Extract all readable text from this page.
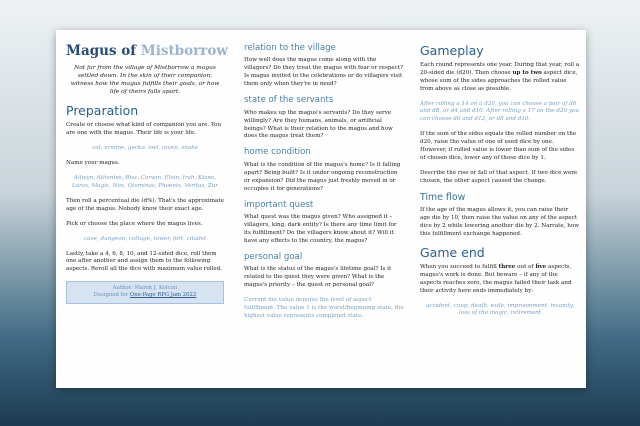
Magus of Mistborrow

Not far from the village of Mistborrow a magus settled down. In the skin of their companion, witness how the magus fulfills their goals, or how life of theirs falls apart.

Preparation

Create or choose what kind of companion you are. You are one with the magus. Their life is your life.

cat, ermine, gecko, owl, raven, snake

Name your magus.

Ailwyn, Athentes, Bisz, Corwin, Elvin, Irah, Kiano, Loras, Magic, Nox, Otominas, Phoenix, Veritas, Zur

Then roll a percentual die (d%). That's the approximate age of the magus. Nobody know their exact age.

Pick or choose the place where the magus lives.

cave, dungeon, cottage, tower, fort, citadel

Lastly, take a 4, 6, 8, 10, and 12-sided dice, roll them one after another and assign them to the following aspects. Reroll all the dice with maximum value rolled.

Author: Marek J. Kolcun
Designed for One-Page RPG Jam 2022
relation to the village

How well does the magus come along with the villagers? Do they treat the magus with fear or respect? Is magus invited to the celebrations or do villagers visit them only when they're in need?

state of the servants

Who makes up the magus's servants? Do they serve willingly? Are they humans, animals, or artificial beings? What is their relation to the magus and how does the magus treat them?

home condition

What is the condition of the magus's home? Is it falling apart? Being built? Is it under ongoing reconstruction or expansion? Did the magus just freshly moved in or occupies it for generations?

important quest

What quest was the magus given? Who assigned it – villagers, king, dark entity? Is there any time limit for its fulfillment? Do the villagers know about it? Will it have any effects to the country, the magus?

personal goal

What is the status of the magus's lifetime goal? Is it related to the quest they were given? What is the magus's priority – the quest or personal goal?

Current die value denotes the level of aspect fulfillment. The value 1 is the worst/beginning state, the highest value represents completed state.

Gameplay

Each round represents one year. During that year, roll a 20-sided die (d20). Then choose up to two aspect dice, whose sum of the sides approaches the rolled value from above as close as possible.

After rolling a 14 on a d20, you can choose a pair of d6 and d8, or d4 and d10. After rolling a 17 on the d20 you can choose d6 and d12, or d8 and d10.

If the sum of the sides equals the rolled number on the d20, raise the value of one of used dice by one. However, if rolled value is lower than sum of the sides of chosen dice, lower any of those dice by 1.

Describe the rise or fall of that aspect. If two dice were chosen, the other aspect caused the change.

Time flow

If the age of the magus allows it, you can raise their age die by 10, then raise the value on any of the aspect dice by 2 while lowering another die by 2. Narrate, how this fulfillment exchange happened.

Game end

When you succeed to fulfill three out of five aspects, magus's work is done. But beware – if any of the aspects reaches zero, the magus failed their task and their activity here ends immediately by:

accident, coup, death, exile, imprisonment, insanity, loss of the magic, retirement
